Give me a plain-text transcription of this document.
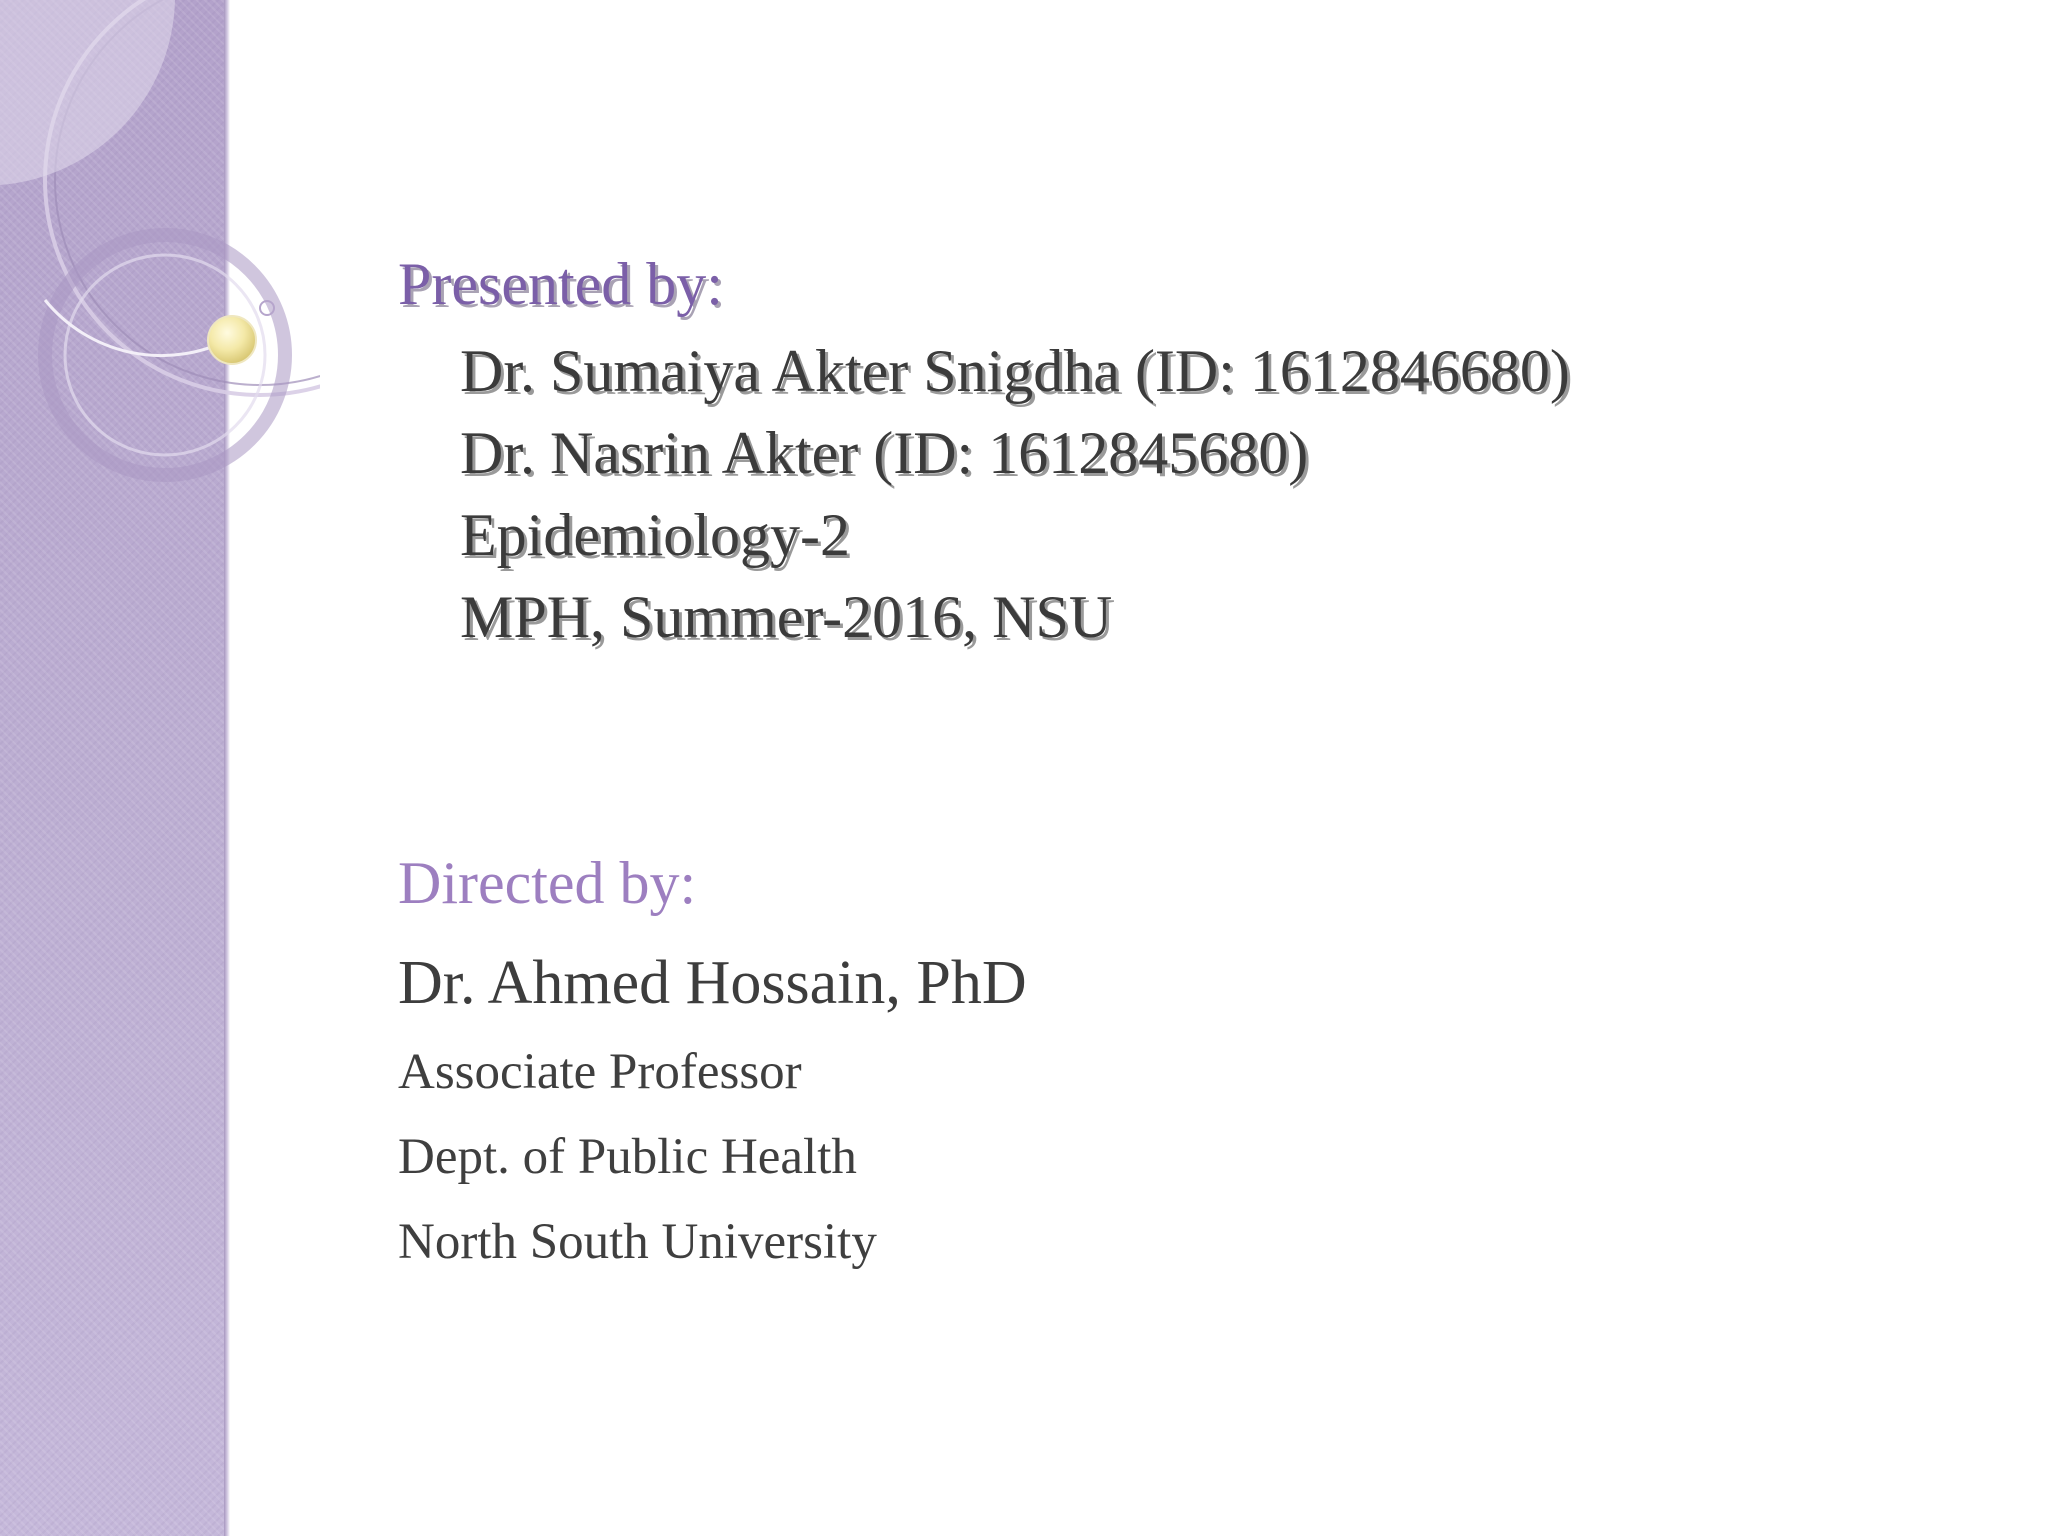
Presented by:

Dr. Sumaiya Akter Snigdha (ID: 1612846680)

Dr. Nasrin Akter (ID: 1612845680)

Epidemiology-2

MPH, Summer-2016, NSU

Directed by:

Dr. Ahmed Hossain, PhD

Associate Professor

Dept. of Public Health

North South University
